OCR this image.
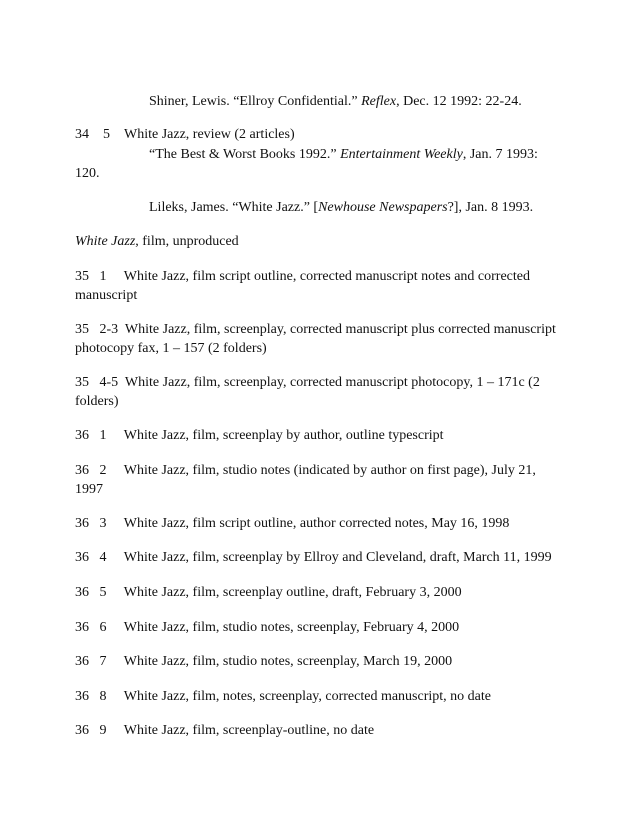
Shiner, Lewis. “Ellroy Confidential.” Reflex, Dec. 12 1992: 22-24.
34 5 White Jazz, review (2 articles)
“The Best & Worst Books 1992.” Entertainment Weekly, Jan. 7 1993:
120.
Lileks, James. “White Jazz.” [Newhouse Newspapers?], Jan. 8 1993.
White Jazz, film, unproduced
35   1     White Jazz, film script outline, corrected manuscript notes and corrected
manuscript
35   2-3  White Jazz, film, screenplay, corrected manuscript plus corrected manuscript
photocopy fax, 1 – 157 (2 folders)
35   4-5  White Jazz, film, screenplay, corrected manuscript photocopy, 1 – 171c (2
folders)
36   1     White Jazz, film, screenplay by author, outline typescript
36   2     White Jazz, film, studio notes (indicated by author on first page), July 21,
1997
36   3     White Jazz, film script outline, author corrected notes, May 16, 1998
36   4     White Jazz, film, screenplay by Ellroy and Cleveland, draft, March 11, 1999
36   5     White Jazz, film, screenplay outline, draft, February 3, 2000
36   6     White Jazz, film, studio notes, screenplay, February 4, 2000
36   7     White Jazz, film, studio notes, screenplay, March 19, 2000
36   8     White Jazz, film, notes, screenplay, corrected manuscript, no date
36   9     White Jazz, film, screenplay-outline, no date
